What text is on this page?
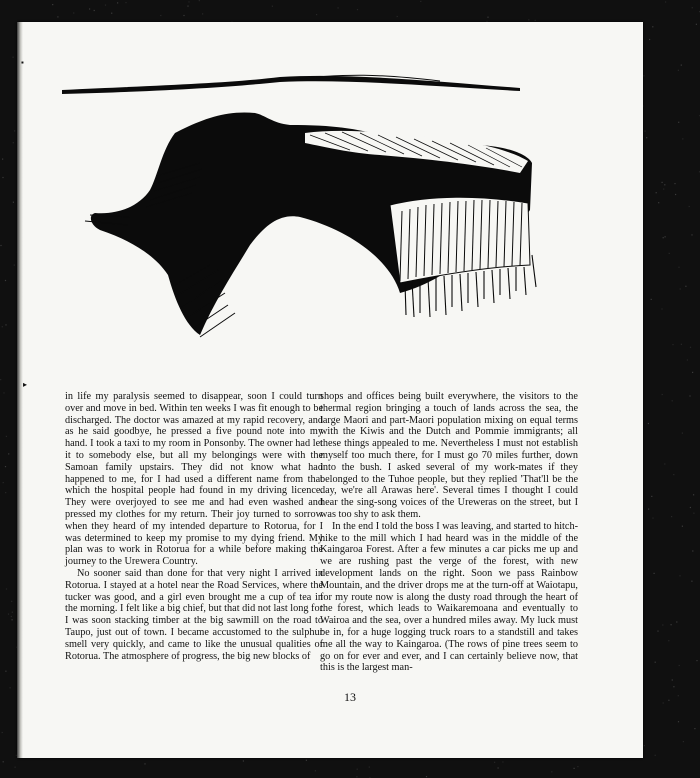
in life my paralysis seemed to disappear, soon I could turn over and move in bed. Within ten weeks I was fit enough to be discharged. The doctor was amazed at my rapid recovery, and as he said goodbye, he pressed a five pound note into my hand. I took a taxi to my room in Ponsonby. The owner had let it to somebody else, but all my belongings were with the Samoan family upstairs. They did not know what had happened to me, for I had used a different name from that which the hospital people had found in my driving licence. They were overjoyed to see me and had even washed and pressed my clothes for my return. Their joy turned to sorrow when they heard of my intended departure to Rotorua, for I was determined to keep my promise to my dying friend. My plan was to work in Rotorua for a while before making the journey to the Urewera Country.

No sooner said than done for that very night I arrived in Rotorua. I stayed at a hotel near the Road Services, where the tucker was good, and a girl even brought me a cup of tea in the morning. I felt like a big chief, but that did not last long for I was soon stacking timber at the big sawmill on the road to Taupo, just out of town. I became accustomed to the sulphur smell very quickly, and came to like the unusual qualities of Rotorua. The atmosphere of progress, the big new blocks of

shops and offices being built everywhere, the visitors to the thermal region bringing a touch of lands across the sea, the large Maori and part-Maori population mixing on equal terms with the Kiwis and the Dutch and Pommie immigrants; all these things appealed to me. Nevertheless I must not establish myself too much there, for I must go 70 miles further, down into the bush. I asked several of my work-mates if they belonged to the Tuhoe people, but they replied 'That'll be the day, we're all Arawas here'. Several times I thought I could hear the sing-song voices of the Ureweras on the street, but I was too shy to ask them.

In the end I told the boss I was leaving, and started to hitch-hike to the mill which I had heard was in the middle of the Kaingaroa Forest. After a few minutes a car picks me up and we are rushing past the verge of the forest, with new development lands on the right. Soon we pass Rainbow Mountain, and the driver drops me at the turn-off at Waiotapu, for my route now is along the dusty road through the heart of the forest, which leads to Waikaremoana and eventually to Wairoa and the sea, over a hundred miles away. My luck must be in, for a huge logging truck roars to a standstill and takes me all the way to Kaingaroa. (The rows of pine trees seem to go on for ever and ever, and I can certainly believe now, that this is the largest man-

13
▪
▸
